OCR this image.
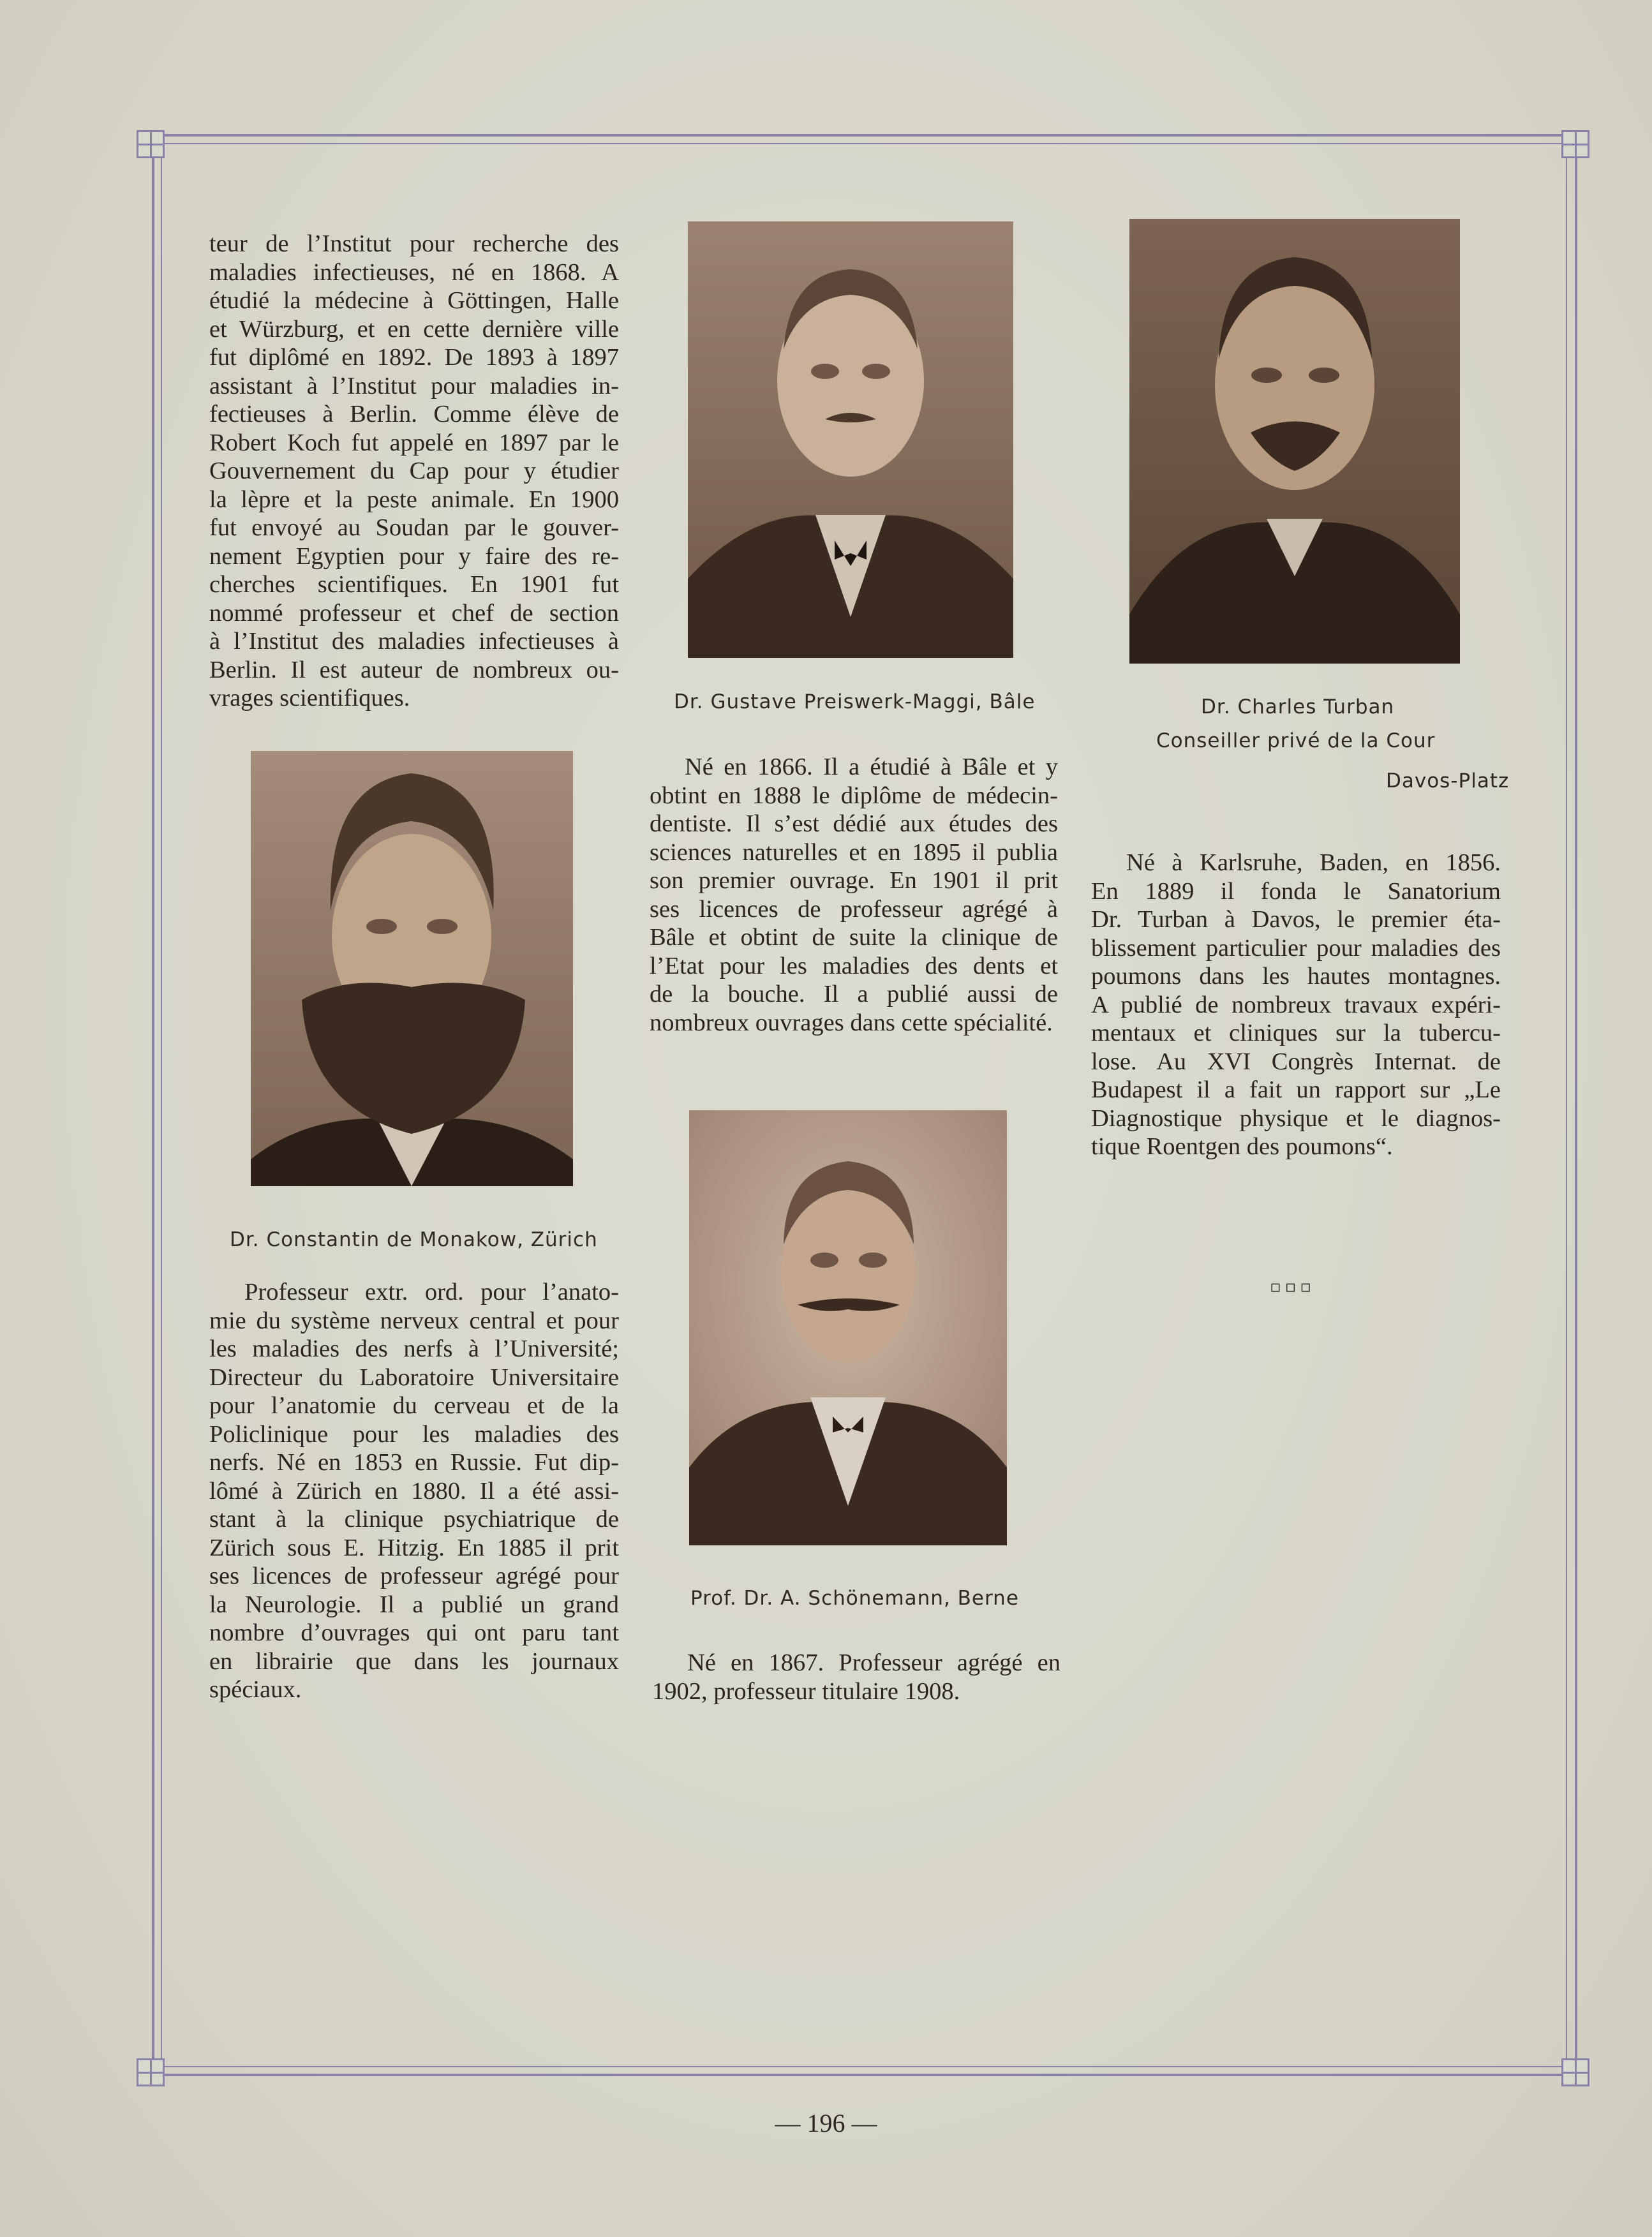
teur de l’Institut pour recherche des
maladies infectieuses, né en 1868. A
étudié la médecine à Göttingen, Halle
et Würzburg, et en cette dernière ville
fut diplômé en 1892. De 1893 à 1897
assistant à l’Institut pour maladies in-
fectieuses à Berlin. Comme élève de
Robert Koch fut appelé en 1897 par le
Gouvernement du Cap pour y étudier
la lèpre et la peste animale. En 1900
fut envoyé au Soudan par le gouver-
nement Egyptien pour y faire des re-
cherches scientifiques. En 1901 fut
nommé professeur et chef de section
à l’Institut des maladies infectieuses à
Berlin. Il est auteur de nombreux ou-
vrages scientifiques.	Dr. Gustave Preiswerk-Maggi, Bâle	Dr. Charles Turban
Conseiller privé de la Cour
Davos-Platz
Né en 1866. Il a étudié à Bâle et y
obtint en 1888 le diplôme de médecin-
dentiste. Il s’est dédié aux études des
sciences naturelles et en 1895 il publia
son premier ouvrage. En 1901 il prit
ses licences de professeur agrégé à
Bâle et obtint de suite la clinique de
l’Etat pour les maladies des dents et
de la bouche. Il a publié aussi de
nombreux ouvrages dans cette spécialité.
Né à Karlsruhe, Baden, en 1856.
En 1889 il fonda le Sanatorium
Dr. Turban à Davos, le premier éta-
blissement particulier pour maladies des
poumons dans les hautes montagnes.
A publié de nombreux travaux expéri-
mentaux et cliniques sur la tubercu-
lose. Au XVI Congrès Internat. de
Budapest il a fait un rapport sur „Le
Diagnostique physique et le diagnos-
tique Roentgen des poumons“.
Dr. Constantin de Monakow, Zürich
Professeur extr. ord. pour l’anato-
mie du système nerveux central et pour
les maladies des nerfs à l’Université;
Directeur du Laboratoire Universitaire
pour l’anatomie du cerveau et de la
Policlinique pour les maladies des
nerfs. Né en 1853 en Russie. Fut dip-
lômé à Zürich en 1880. Il a été assi-
stant à la clinique psychiatrique de
Zürich sous E. Hitzig. En 1885 il prit
ses licences de professeur agrégé pour
la Neurologie. Il a publié un grand
nombre d’ouvrages qui ont paru tant
en librairie que dans les journaux
spéciaux.
Prof. Dr. A. Schönemann, Berne
Né en 1867. Professeur agrégé en
1902, professeur titulaire 1908.
▫▫▫
— 196 —
